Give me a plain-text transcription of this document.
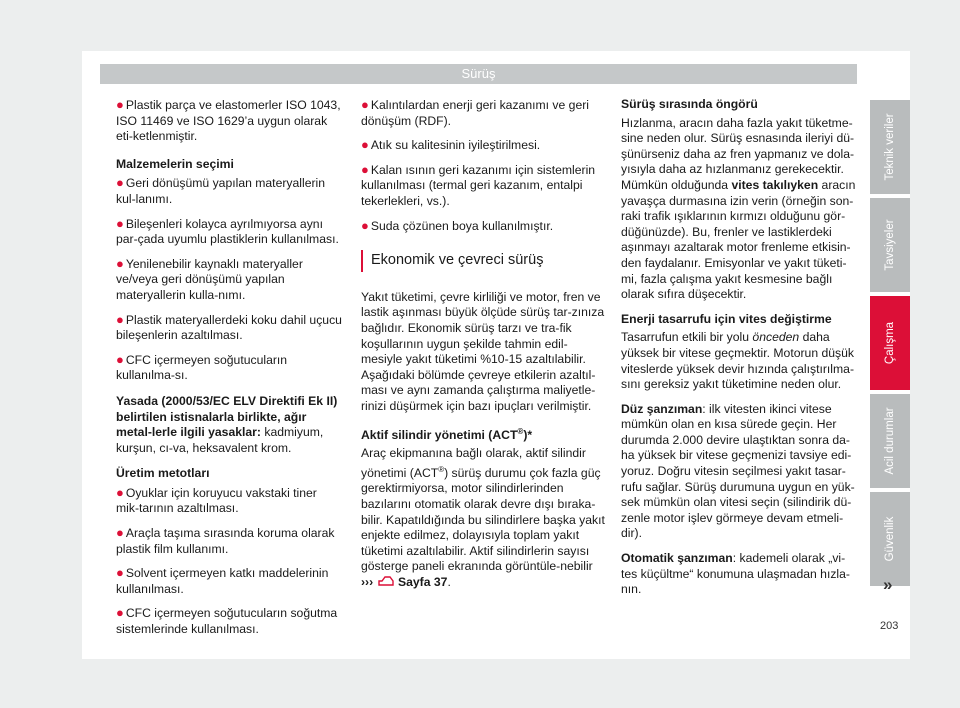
Sürüş
● Plastik parça ve elastomerler ISO 1043, ISO 11469 ve ISO 1629’a uygun olarak eti-ketlenmiştir.
Malzemelerin seçimi
● Geri dönüşümü yapılan materyallerin kul-lanımı.
● Bileşenleri kolayca ayrılmıyorsa aynı par-çada uyumlu plastiklerin kullanılması.
● Yenilenebilir kaynaklı materyaller ve/veya geri dönüşümü yapılan materyallerin kulla-nımı.
● Plastik materyallerdeki koku dahil uçucu bileşenlerin azaltılması.
● CFC içermeyen soğutucuların kullanılma-sı.

Yasada (2000/53/EC ELV Direktifi Ek II) belirtilen istisnalarla birlikte, ağır metal-lerle ilgili yasaklar: kadmiyum, kurşun, cı-va, heksavalent krom.

Üretim metotları
● Oyuklar için koruyucu vakstaki tiner mik-tarının azaltılması.
● Araçla taşıma sırasında koruma olarak plastik film kullanımı.
● Solvent içermeyen katkı maddelerinin kullanılması.
● CFC içermeyen soğutucuların soğutma sistemlerinde kullanılması.
● Kalıntılardan enerji geri kazanımı ve geri dönüşüm (RDF).
● Atık su kalitesinin iyileştirilmesi.
● Kalan ısının geri kazanımı için sistemlerin kullanılması (termal geri kazanım, entalpi tekerlekleri, vs.).
● Suda çözünen boya kullanılmıştır.
Ekonomik ve çevreci sürüş

Yakıt tüketimi, çevre kirliliği ve motor, fren ve lastik aşınması büyük ölçüde sürüş tar-zınıza bağlıdır. Ekonomik sürüş tarzı ve tra-fik koşullarının uygun şekilde tahmin edil-mesiyle yakıt tüketimi %10-15 azaltılabilir. Aşağıdaki bölümde çevreye etkilerin azaltıl-ması ve aynı zamanda çalıştırma maliyetle-rinizi düşürmek için bazı ipuçları verilmiştir.

Aktif silindir yönetimi (ACT®)*

Araç ekipmanına bağlı olarak, aktif silindir yönetimi (ACT®) sürüş durumu çok fazla güç gerektirmiyorsa, motor silindirlerinden bazılarını otomatik olarak devre dışı bıraka-bilir. Kapatıldığında bu silindirlere başka yakıt enjekte edilmez, dolayısıyla toplam yakıt tüketimi azaltılabilir. Aktif silindirlerin sayısı gösterge paneli ekranında görüntüle-nebilir ››› Sayfa 37.

Sürüş sırasında öngörü

Hızlanma, aracın daha fazla yakıt tüketme-sine neden olur. Sürüş esnasında ileriyi dü-şünürseniz daha az fren yapmanız ve dola-yısıyla daha az hızlanmanız gerekecektir. Mümkün olduğunda vites takılıyken aracın yavaşça durmasına izin verin (örneğin son-raki trafik ışıklarının kırmızı olduğunu gör-düğünüzde). Bu, frenler ve lastiklerdeki aşınmayı azaltarak motor frenleme etkisin-den faydalanır. Emisyonlar ve yakıt tüketi-mi, fazla çalışma yakıt kesmesine bağlı olarak sıfıra düşecektir.

Enerji tasarrufu için vites değiştirme

Tasarrufun etkili bir yolu önceden daha yüksek bir vitese geçmektir. Motorun düşük viteslerde yüksek devir hızında çalıştırılma-sını gereksiz yakıt tüketimine neden olur.

Düz şanzıman: ilk vitesten ikinci vitese mümkün olan en kısa sürede geçin. Her durumda 2.000 devire ulaştıktan sonra da-ha yüksek bir vitese geçmenizi tavsiye edi-yoruz. Doğru vitesin seçilmesi yakıt tasar-rufu sağlar. Sürüş durumuna uygun en yük-sek mümkün olan vitesi seçin (silindirik dü-zenle motor işlev görmeye devam etmeli-dir).

Otomatik şanzıman: kademeli olarak „vi-tes küçültme“ konumuna ulaşmadan hızla-nın.

Teknik veriler
Tavsiyeler
Çalışma
Acil durumlar
Güvenlik
»
203
